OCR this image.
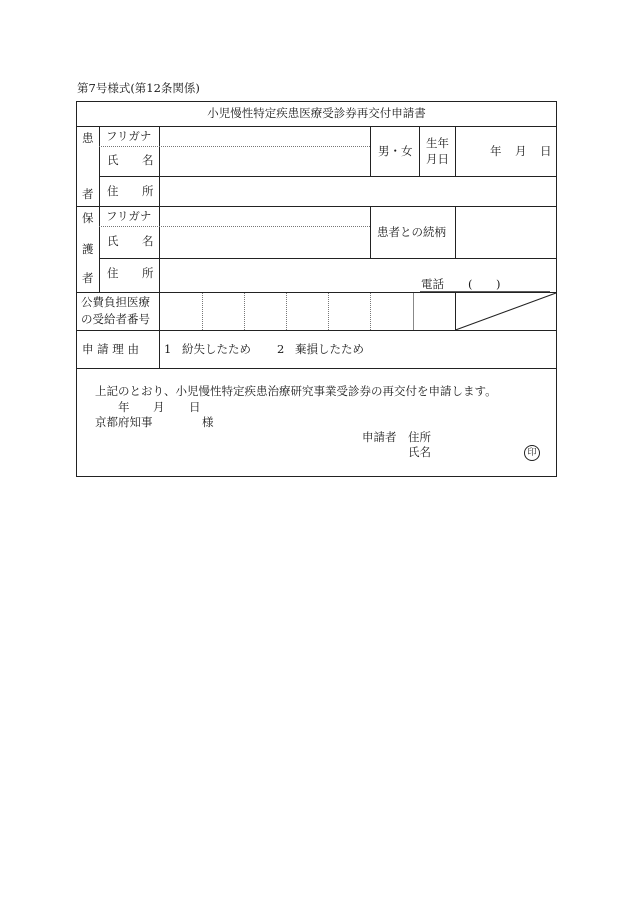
第7号様式(第12条関係)
小児慢性特定疾患医療受診券再交付申請書
患
者
フリガナ
氏 名
男・女
生年
月日
年 月 日
住 所
保
護
者
フリガナ
氏 名
患者との続柄
住 所
電話 ( )
公費負担医療
の受給者番号
申 請 理 由 1 紛失したため 2 棄損したため
上記のとおり、小児慢性特定疾患治療研究事業受診券の再交付を申請します。
年 月 日
京都府知事	様
申請者 住所
氏名	印
